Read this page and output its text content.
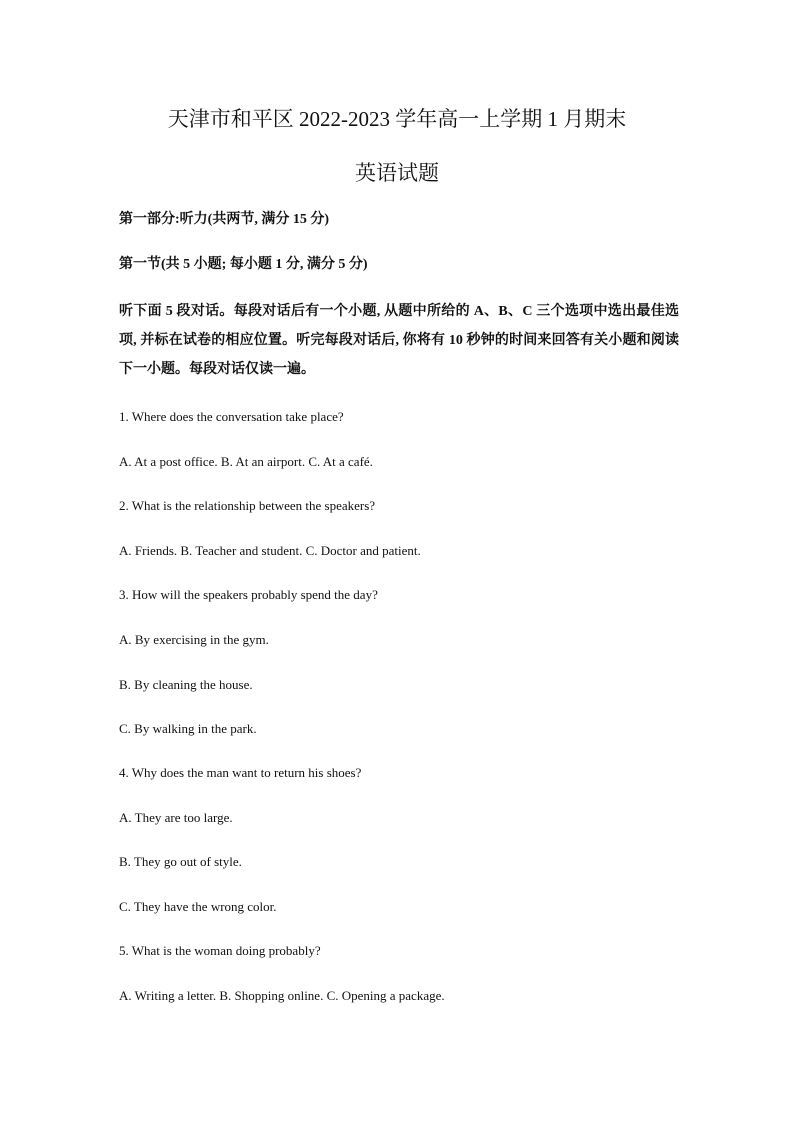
天津市和平区 2022-2023 学年高一上学期 1 月期末
英语试题
第一部分:听力(共两节, 满分 15 分)
第一节(共 5 小题; 每小题 1 分, 满分 5 分)
听下面 5 段对话。每段对话后有一个小题, 从题中所给的 A、B、C 三个选项中选出最佳选项, 并标在试卷的相应位置。听完每段对话后, 你将有 10 秒钟的时间来回答有关小题和阅读下一小题。每段对话仅读一遍。
1. Where does the conversation take place?
A. At a post office. B. At an airport. C. At a café.
2. What is the relationship between the speakers?
A. Friends. B. Teacher and student. C. Doctor and patient.
3. How will the speakers probably spend the day?
A. By exercising in the gym.
B. By cleaning the house.
C. By walking in the park.
4. Why does the man want to return his shoes?
A. They are too large.
B. They go out of style.
C. They have the wrong color.
5. What is the woman doing probably?
A. Writing a letter. B. Shopping online. C. Opening a package.
